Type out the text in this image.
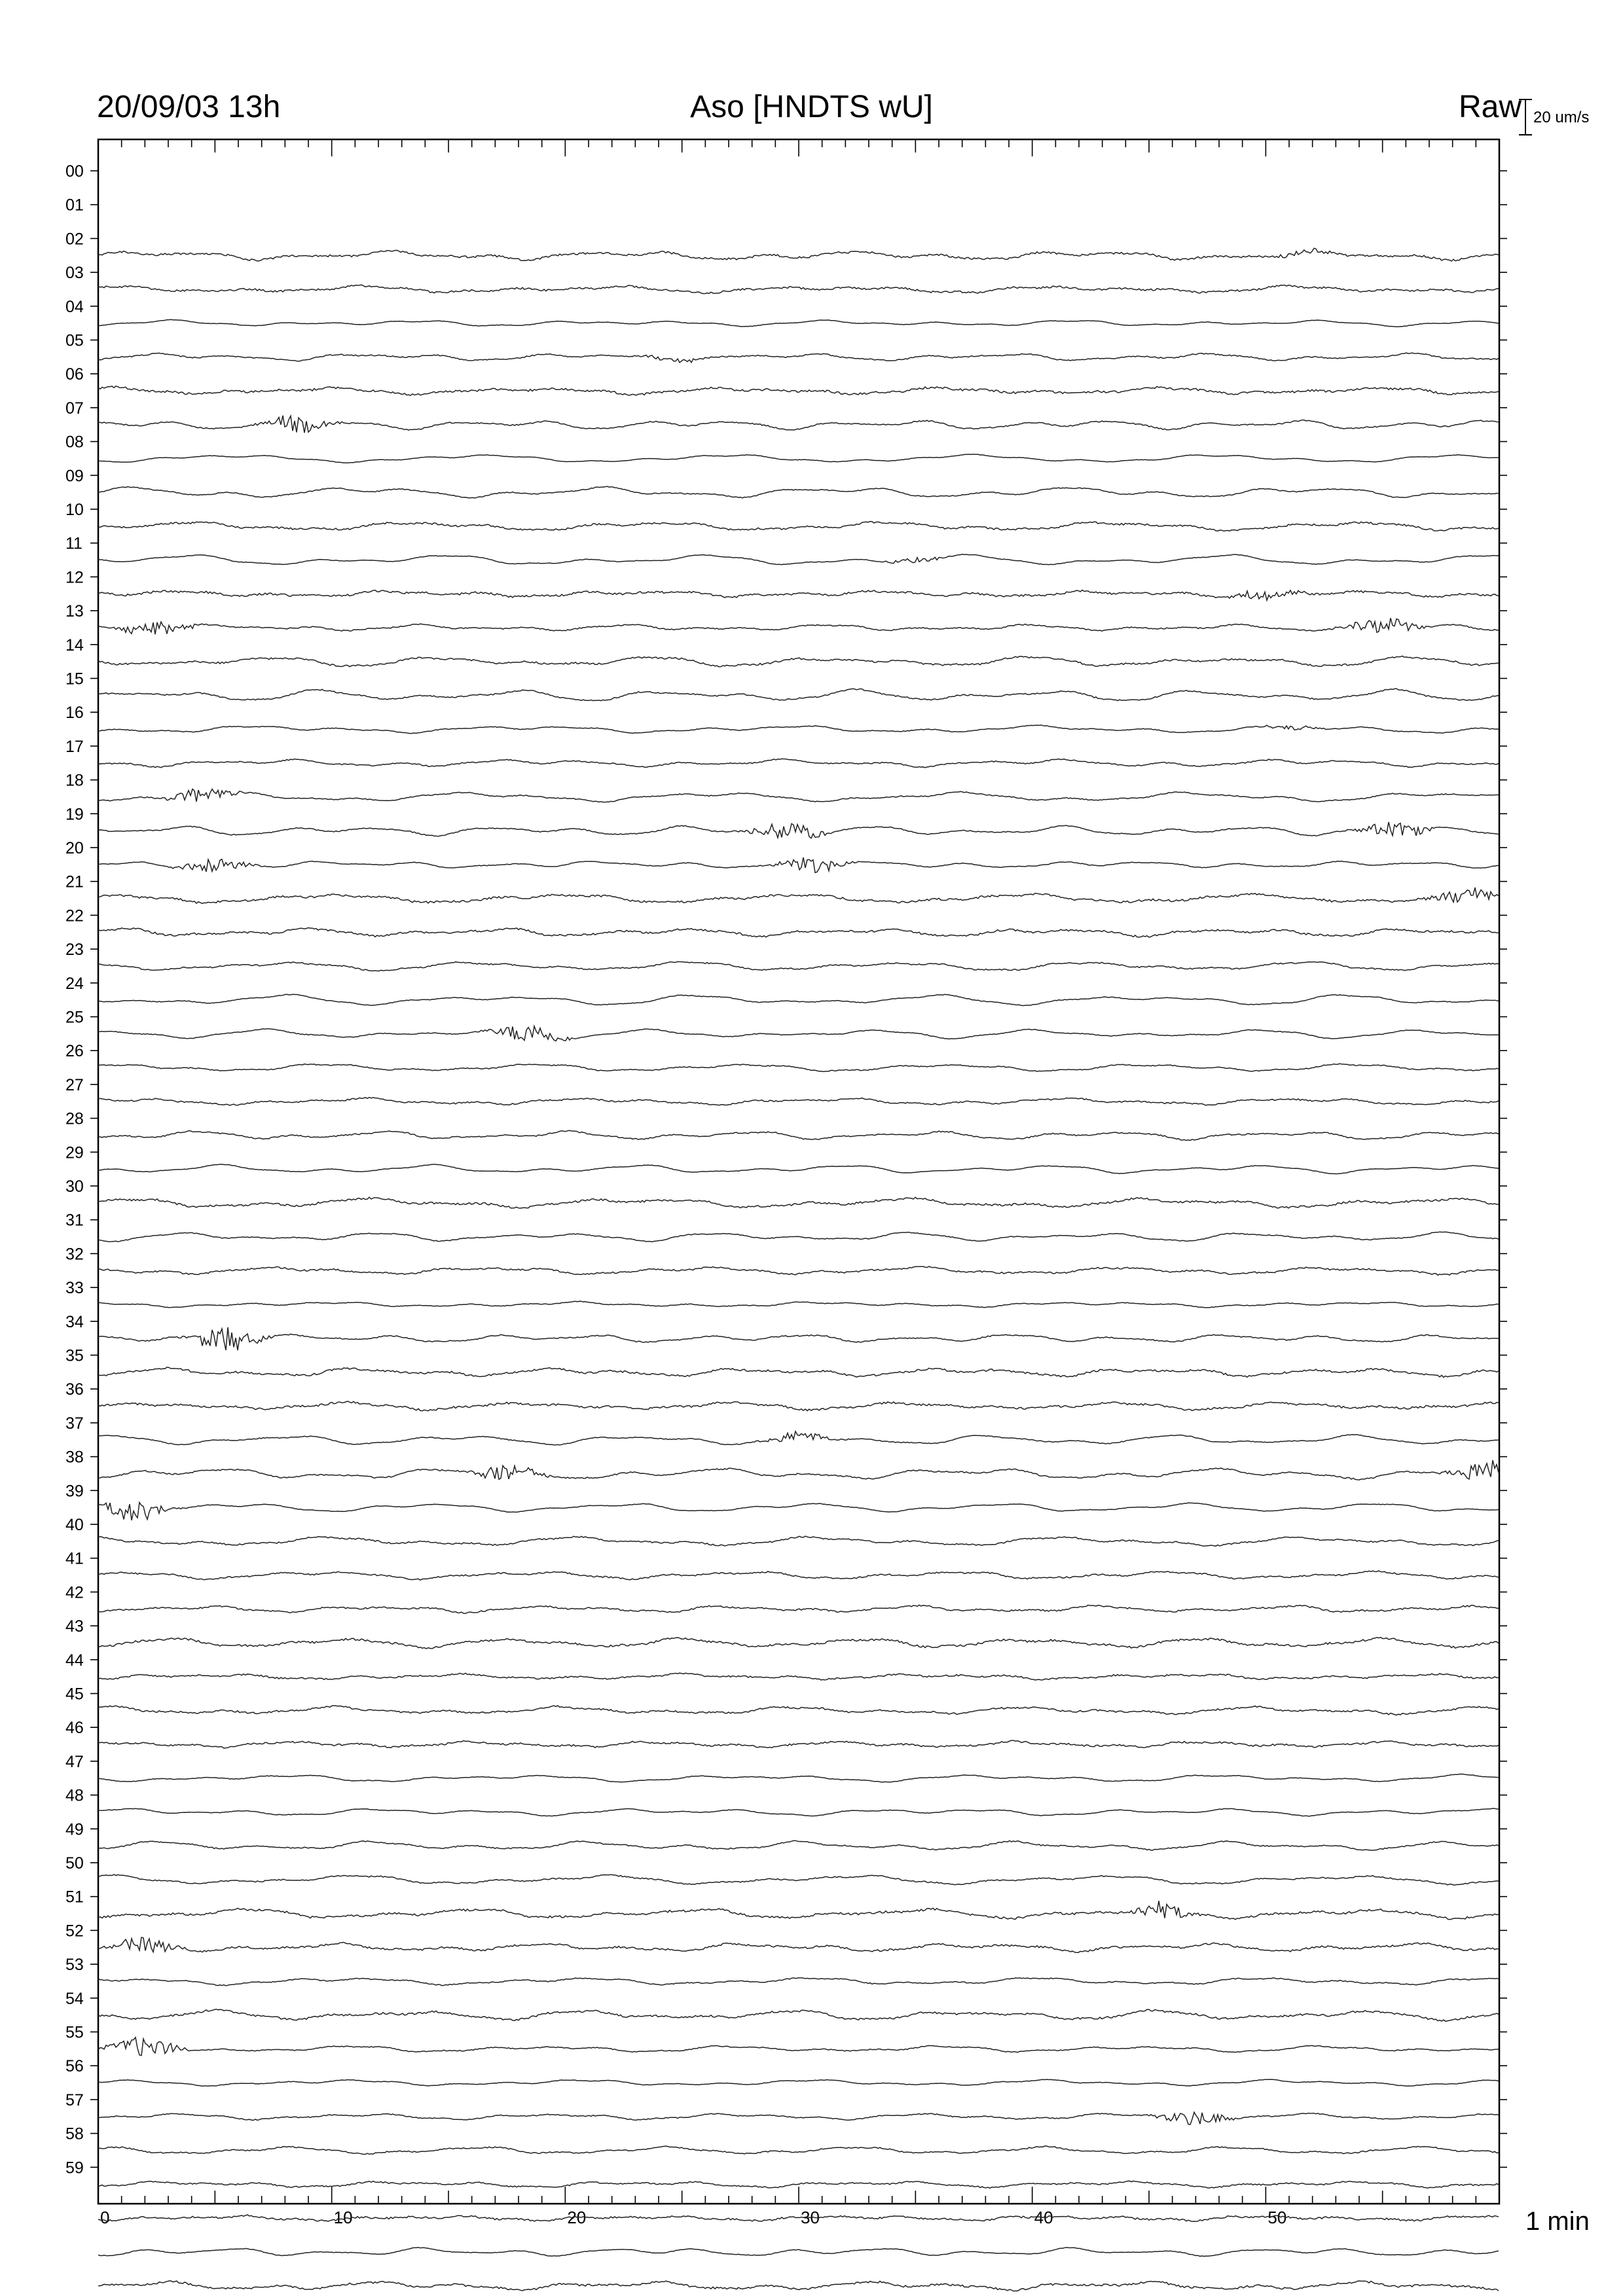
20/09/03 13h	Aso [HNDTS wU]	Raw 20 um/s
1 min
0	10	20	30	40	50
00
01
02
03
04
05
06
07
08
09
10
11
12
13
14
15
16
17
18
19
20
21
22
23
24
25
26
27
28
29
30
31
32
33
34
35
36
37
38
39
40
41
42
43
44
45
46
47
48
49
50
51
52
53
54
55
56
57
58
59
